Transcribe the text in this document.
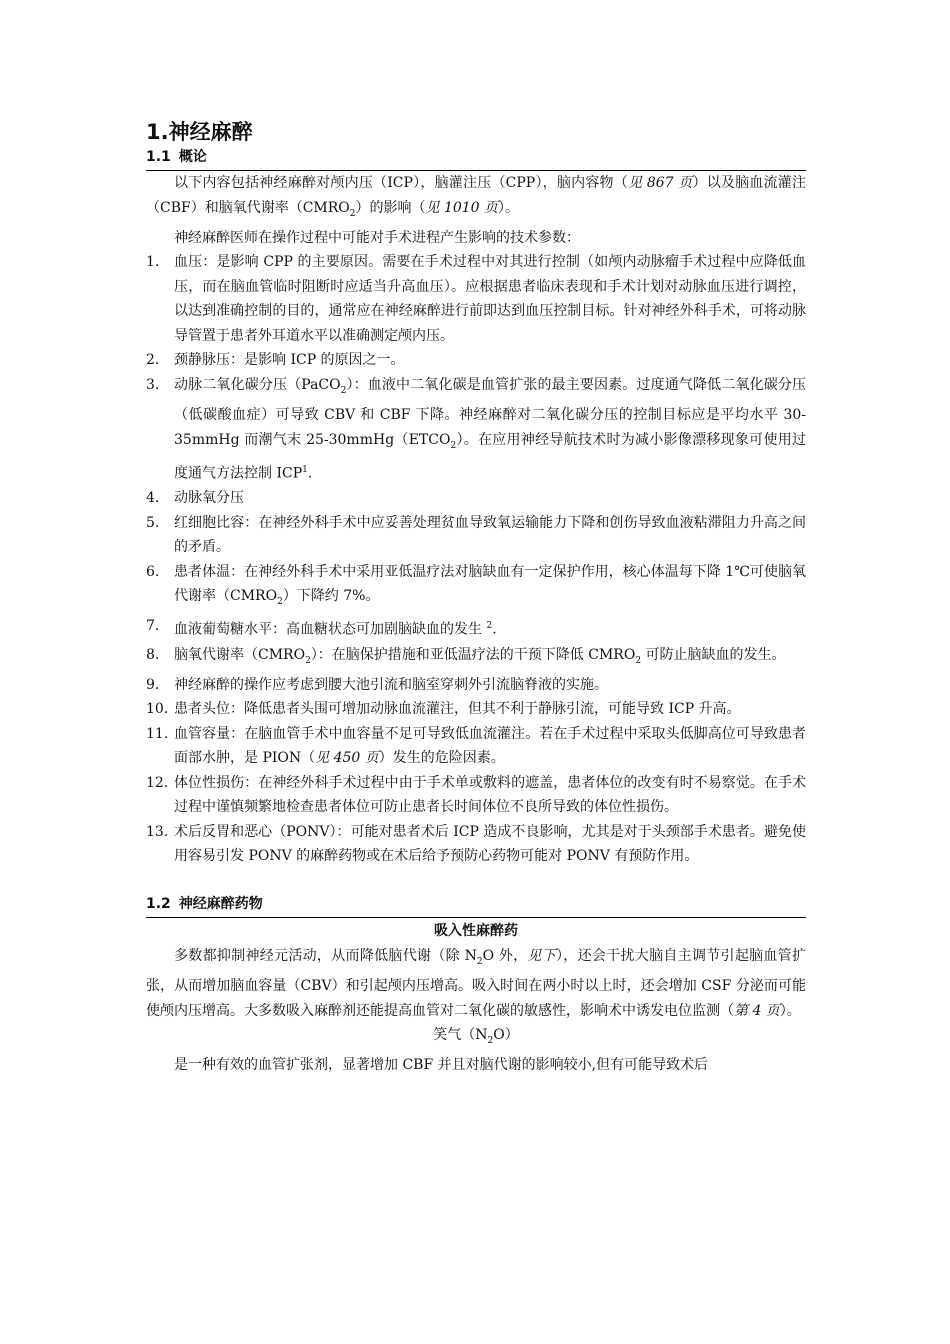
1.神经麻醉
1.1 概论

以下内容包括神经麻醉对颅内压（ICP），脑灌注压（CPP），脑内容物（见 867 页）以及脑血流灌注（CBF）和脑氧代谢率$(CMRO_2)$的影响（见 1010 页）。

神经麻醉医师在操作过程中可能对手术进程产生影响的技术参数：

1. 血压：是影响 CPP 的主要原因。需要在手术过程中对其进行控制（如颅内动脉瘤手术过程中应降低血压，而在脑血管临时阻断时应适当升高血压）。应根据患者临床表现和手术计划对动脉血压进行调控，以达到准确控制的目的，通常应在神经麻醉进行前即达到血压控制目标。针对神经外科手术，可将动脉导管置于患者外耳道水平以准确测定颅内压。
2. 颈静脉压：是影响 ICP 的原因之一。
3. 动脉二氧化碳分压（PaCO$_2$）：血液中二氧化碳是血管扩张的最主要因素。过度通气降低二氧化碳分压（低碳酸血症）可导致 CBV 和 CBF 下降。神经麻醉对二氧化碳分压的控制目标应是平均水平 30-35mmHg 而潮气末 $25-30mmHg(ETCO_2)$。在应用神经导航技术时为减小影像漂移现象可使用过度通气方法控制 ICP$^1$.
4. 动脉氧分压
5. 红细胞比容：在神经外科手术中应妥善处理贫血导致氧运输能力下降和创伤导致血液粘滞阻力升高之间的矛盾。
6. 患者体温：在神经外科手术中采用亚低温疗法对脑缺血有一定保护作用，核心体温每下降 1℃可使脑氧代谢率$(CMRO_2)$下降约 7%。
7. 血液葡萄糖水平：高血糖状态可加剧脑缺血的发生 $^2$.
8. 脑氧代谢率$(CMRO_2)$：在脑保护措施和亚低温疗法的干预下降低 $CMRO_2$ 可防止脑缺血的发生。
9. 神经麻醉的操作应考虑到腰大池引流和脑室穿刺外引流脑脊液的实施。
10. 患者头位：降低患者头围可增加动脉血流灌注，但其不利于静脉引流，可能导致 ICP 升高。
11. 血管容量：在脑血管手术中血容量不足可导致低血流灌注。若在手术过程中采取头低脚高位可导致患者面部水肿，是 PION（见 450 页）发生的危险因素。
12. 体位性损伤：在神经外科手术过程中由于手术单或敷料的遮盖，患者体位的改变有时不易察觉。在手术过程中谨慎频繁地检查患者体位可防止患者长时间体位不良所导致的体位性损伤。
13. 术后反胃和恶心（PONV）：可能对患者术后 ICP 造成不良影响，尤其是对于头颈部手术患者。避免使用容易引发 PONV 的麻醉药物或在术后给予预防心药物可能对 PONV 有预防作用。
1.2 神经麻醉药物

吸入性麻醉药

多数都抑制神经元活动，从而降低脑代谢（除 $N_2O$ 外，见下），还会干扰大脑自主调节引起脑血管扩张，从而增加脑血容量（CBV）和引起颅内压增高。吸入时间在两小时以上时，还会增加 CSF 分泌而可能使颅内压增高。大多数吸入麻醉剂还能提高血管对二氧化碳的敏感性，影响术中诱发电位监测（第 4 页）。

笑气$(N_2O)$

是一种有效的血管扩张剂，显著增加 CBF 并且对脑代谢的影响较小,但有可能导致术后
